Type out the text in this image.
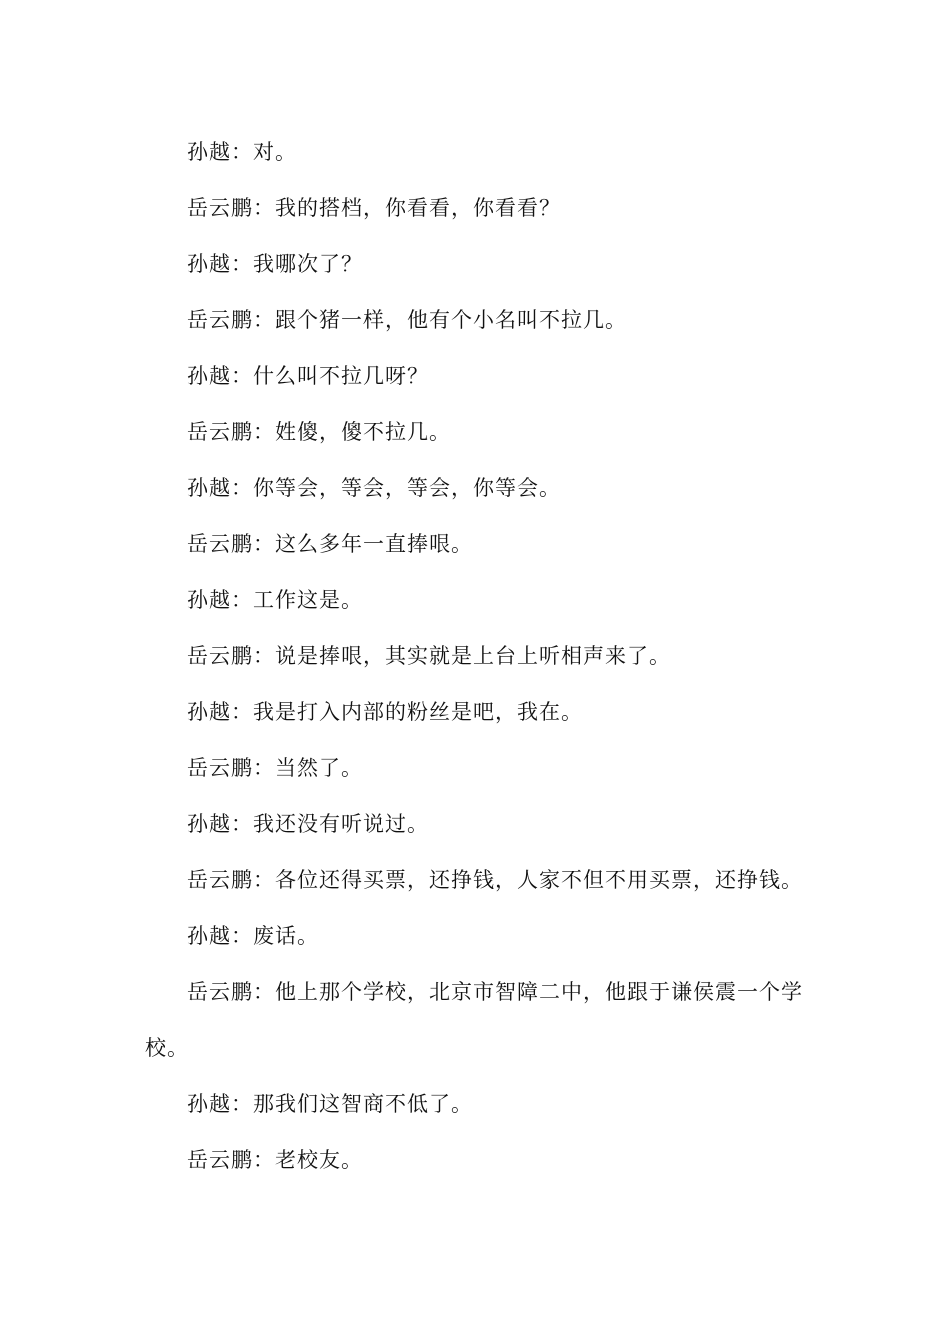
孙越：对。

岳云鹏：我的搭档，你看看，你看看？

孙越：我哪次了？

岳云鹏：跟个猪一样，他有个小名叫不拉几。

孙越：什么叫不拉几呀？

岳云鹏：姓傻，傻不拉几。

孙越：你等会，等会，等会，你等会。

岳云鹏：这么多年一直捧哏。

孙越：工作这是。

岳云鹏：说是捧哏，其实就是上台上听相声来了。

孙越：我是打入内部的粉丝是吧，我在。

岳云鹏：当然了。

孙越：我还没有听说过。

岳云鹏：各位还得买票，还挣钱，人家不但不用买票，还挣钱。

孙越：废话。

岳云鹏：他上那个学校，北京市智障二中，他跟于谦侯震一个学校。

孙越：那我们这智商不低了。

岳云鹏：老校友。
